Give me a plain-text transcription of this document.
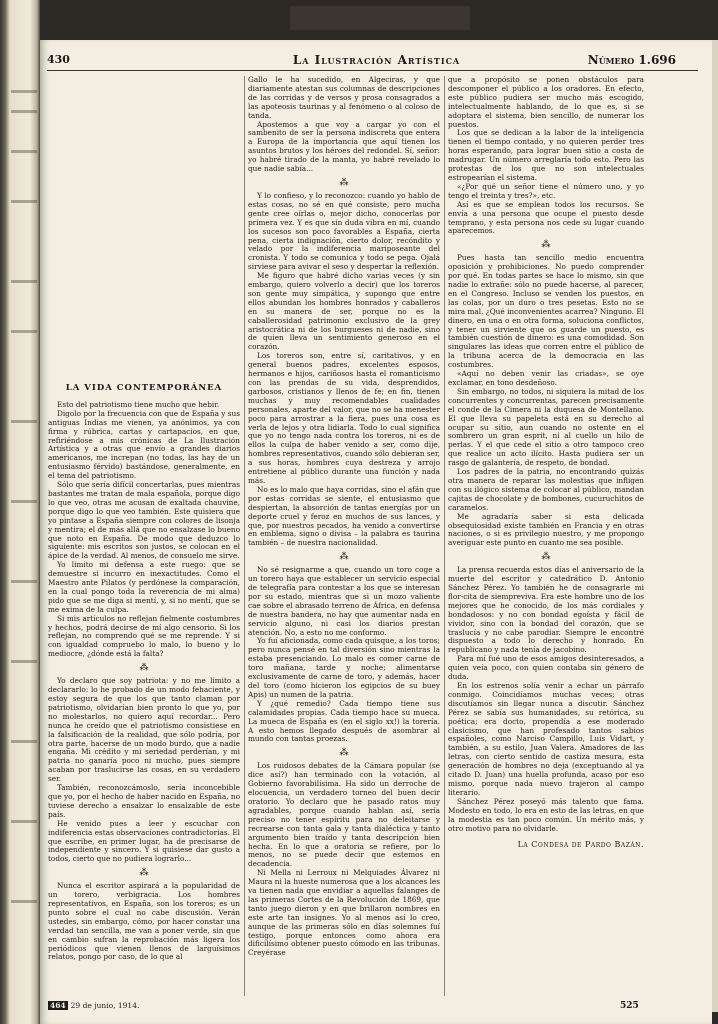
430	La Ilustración Artística	Número 1.696
LA VIDA CONTEMPORÁNEA

Esto del patriotismo tiene mucho que hebir.

Digolo por la frecuencia con que de España y sus antiguas Indias me vienen, ya anónimos, ya con firma y rúbrica, cartas y cartapacios, en que, refiriéndose a mis crónicas de La Ilustración Artística y a otras que envío a grandes diarios americanos, me increpan (no todas, las hay de un entusiasmo férvido) bastándose, generalmente, en el tema del patriotismo.

Sólo que sería difícil concertarlas, pues mientras bastantes me tratan de mala española, porque digo lo que veo, otras me acusan de exaltada chauvine, porque digo lo que veo también. Este quisiera que yo pintase a España siempre con colores de lisonja y mentira; el de más allá que no ensalzase lo bueno que noto en España. De modo que deduzco lo siguiente: mis escritos son justos, se colocan en el ápice de la verdad. Al menos, de consuelo me sirve.

Yo limito mi defensa a este ruego: que se demuestre si incurro en inexactitudes. Como el Maestro ante Pilatos (y perdónese la comparación, en la cual pongo toda la reverencia de mi alma) pido que se me diga si mentí, y, si no mentí, que se me exima de la culpa.

Si mis artículos no reflejan fielmente costumbres y hechos, podrá decirse de mí algo censorio. Si los reflejan, no comprendo qué se me reprende. Y si con igualdad compruebo lo malo, lo bueno y lo mediocre, ¿dónde está la falta?

⁂

Yo declaro que soy patriota: y no me limito a declararlo: lo he probado de un modo fehaciente, y estoy segura de que los que tanto claman por patriotismo, olvidarían bien pronto lo que yo, por no molestarlos, no quiero aquí recordar... Pero nunca he creído que el patriotismo consistiese en la falsificación de la realidad, que sólo podría, por otra parte, hacerse de un modo burdo, que a nadie engaña. Mi crédito y mi seriedad perderían, y mi patria no ganaría poco ni mucho, pues siempre acaban por traslucirse las cosas, en su verdadero ser.

También, reconozcámoslo, sería inconcebible que yo, por el hecho de haber nacido en España, no tuviese derecho a ensalzar lo ensalzable de este país.

He venido pues a leer y escuchar con indiferencia estas observaciones contradictorias. El que escribe, en primer lugar, ha de precisarse de independiente y sincero. Y si quisiese dar gusto a todos, cierto que no pudiera lograrlo...

⁂

Nunca el escritor aspirará a la popularidad de un torero, verbigracia. Los hombres representativos, en España, son los toreros; es un punto sobre el cual no cabe discusión. Verán ustedes, sin embargo, cómo, por hacer constar una verdad tan sencilla, me van a poner verde, sin que en cambio sufran la reprobación más ligera los periódicos que vienen llenos de larguísimos relatos, pongo por caso, de lo que al

Gallo le ha sucedido, en Algeciras, y que diariamente atestan sus columnas de descripciones de las corridas y de versos y prosa consagrados a las apoteosis taurinas y al fenómeno o al coloso de tanda.

Apostemos a que voy a cargar yo con el sambenito de ser la persona indiscreta que entera a Europa de la importancia que aquí tienen los asuntos brutos y los héroes del redondel. Sí, señor: yo habré tirado de la manta, yo habré revelado lo que nadie sabía...

⁂

Y lo confieso, y lo reconozco: cuando yo hablo de estas cosas, no sé en qué consiste, pero mucha gente cree oírlas o, mejor dicho, conocerlas por primera vez. Y es que sin duda vibra en mí, cuando los sucesos son poco favorables a España, cierta pena, cierta indignación, cierto dolor, recóndito y velado por la indiferencia mariposeante del cronista. Y todo se comunica y todo se pega. Ojalá sirviese para avivar el seso y despertar la reflexión.

Me figuro que habré dicho varias veces (y sin embargo, quiero volverlo a decir) que los toreros son gente muy simpática, y supongo que entre ellos abundan los hombres honrados y caballeros en su manera de ser, porque no es la caballerosidad patrimonio exclusivo de la grey aristocrática ni de los burgueses ni de nadie, sino de quien lleva un sentimiento generoso en el corazón.

Los toreros son, entre sí, caritativos, y en general buenos padres, excelentes esposos, hermanos e hijos, cariñosos hasta el romanticismo con las prendas de su vida, desprendidos, garbosos, cristianos y llenos de fe; en fin, tienen muchas y muy recomendables cualidades personales, aparte del valor, que no se ha menester poco para arrostrar a la fiera, pues una cosa es verla de lejos y otra lidiarla. Todo lo cual significa que yo no tengo nada contra los toreros, ni es de ellos la culpa de haber venido a ser, como dije, hombres representativos, cuando sólo debieran ser, a sus horas, hombres cuya destreza y arrojo entretiene al público durante una función y nada más.

No es lo malo que haya corridas, sino el afán que por estas corridas se siente, el entusiasmo que despiertan, la absorción de tantas energías por un deporte cruel y feroz en muchos de sus lances, y que, por nuestros pecados, ha venido a convertirse en emblema, signo o divisa – la palabra es taurina también – de nuestra nacionalidad.

⁂

No sé resignarme a que, cuando un toro coge a un torero haya que establecer un servicio especial de telegrafía para contestar a los que se interesan por su estado, mientras que si un mozo valiente cae sobre el abrasado terreno de África, en defensa de nuestra bandera, no hay que aumentar nada en servicio alguno, ni casi los diarios prestan atención. No, a esto no me conformo.

Yo fuí aficionada, como cada quisque, a los toros; pero nunca pensé en tal diversión sino mientras la estaba presenciando. Lo malo es comer carne de toro mañana, tarde y noche; alimentarse exclusivamente de carne de toro, y además, hacer del toro (como hicieron los egipcios de su buey Apis) un numen de la patria.

Y ¿qué remedio? Cada tiempo tiene sus calamidades propias. Cada tiempo hace su mueca. La mueca de España es (en el siglo xx!) la torería. A esto hemos llegado después de asombrar al mundo con tantas proezas.

⁂

Los ruidosos debates de la Cámara popular (se dice así?) han terminado con la votación, al Gobierno favorabilísima. Ha sido un derroche de elocuencia, un verdadero torneo del buen decir oratorio. Yo declaro que he pasado ratos muy agradables, porque cuando hablan así, sería preciso no tener espíritu para no deleitarse y recrearse con tanta gala y tanta dialéctica y tanto argumento bien traído y tanta descripción bien hecha. En lo que a oratoria se refiere, por lo menos, no se puede decir que estemos en decadencia.

Ni Mella ni Lerroux ni Melquiades Álvarez ni Maura ni la hueste numerosa que a los alcances les va tienen nada que envidiar a aquellas falanges de las primeras Cortes de la Revolución de 1869, que tanto juego dieron y en que brillaron nombres en este arte tan insignes. Yo al menos así lo creo, aunque de las primeras sólo en días solemnes fuí testigo, porque entonces como ahora era dificilísimo obtener puesto cómodo en las tribunas. Creyérase

que a propósito se ponen obstáculos para descomponer el público a los oradores. En efecto, este público pudiera ser mucho más escogido, intelectualmente hablando, de lo que es, si se adoptara el sistema, bien sencillo, de numerar los puestos.

Los que se dedican a la labor de la inteligencia tienen el tiempo contado, y no quieren perder tres horas esperando, para lograr buen sitio a costa de madrugar. Un número arreglaría todo esto. Pero las protestas de los que no son intelectuales estropearían el sistema.

«¿Por qué un señor tiene el número uno, y yo tengo el treinta y tres?», etc.

Así es que se emplean todos los recursos. Se envía a una persona que ocupe el puesto desde temprano, y esta persona nos cede su lugar cuando aparecemos.

⁂

Pues hasta tan sencillo medio encuentra oposición y prohibiciones. No puedo comprender por qué. En todas partes se hace lo mismo, sin que nadie lo extrañe: sólo no puede hacerse, al parecer, en el Congreso. Incluso se venden los puestos, en las colas, por un duro o tres pesetas. Esto no se mira mal. ¿Qué inconvenientes acarrea? Ninguno. El dinero, en una o en otra forma, soluciona conflictos, y tener un sirviente que os guarde un puesto, es también cuestión de dinero: es una comodidad. Son singulares las ideas que corren entre el público de la tribuna acerca de la democracia en las costumbres.

«Aquí no deben venir las criadas», se oye exclamar, en tono desdeñoso.

Sin embargo, no todos, ni siquiera la mitad de los concurrentes y concurrentas, parecen precisamente el conde de la Cimera ni la duquesa de Montellano. El que lleva su papeleta está en su derecho al ocupar su sitio, aun cuando no ostente en el sombrero un gran esprit, ni al cuello un hilo de perlas. Y el que cede el sitio a otro tampoco creo que realice un acto ilícito. Hasta pudiera ser un rasgo de galantería, de respeto, de bondad.

Los padres de la patria, no encontrando quizás otra manera de reparar las molestias que infligen con su ilógico sistema de colocar al público, mandan cajitas de chocolate y de bombones, cucuruchitos de caramelos.

Me agradaría saber si esta delicada obsequiosidad existe también en Francia y en otras naciones, o si es privilegio nuestro, y me propongo averiguar este punto en cuanto me sea posible.

⁂

La prensa recuerda estos días el aniversario de la muerte del escritor y catedrático D. Antonio Sánchez Pérez. Yo también he de consagrarle mi flor-cita de siempreviva. Era este hombre uno de los mejores que he conocido, de los más cordiales y bondadosos: y no con bondad egoísta y fácil de vividor, sino con la bondad del corazón, que se traslucía y no cabe parodiar. Siempre le encontré dispuesto a todo lo derecho y honrado. En republicano y nada tenía de jacobino.

Para mí fué uno de esos amigos desinteresados, a quien veía poco, con quien contaba sin género de duda.

En los estrenos solía venir a echar un párrafo conmigo. Coincidíamos muchas veces; otras discutíamos sin llegar nunca a discutir. Sánchez Pérez se sabía sus humanidades, su retórica, su poética; era docto, propendía a ese moderado clasicismo, que han profesado tantos sabios españoles, como Narciso Campillo, Luis Vidart, y también, a su estilo, Juan Valera. Amadores de las letras, con cierto sentido de castiza mesura, esta generación de hombres no deja (exceptuando al ya citado D. Juan) una huella profunda, acaso por eso mismo, porque nada nuevo trajeron al campo literario.

Sánchez Pérez poseyó más talento que fama. Modesto en todo, lo era en esto de las letras, en que la modestia es tan poco común. Un mérito más, y otro motivo para no olvidarle.

La Condesa de Pardo Bazán.
464 29 de junio, 1914.	525
